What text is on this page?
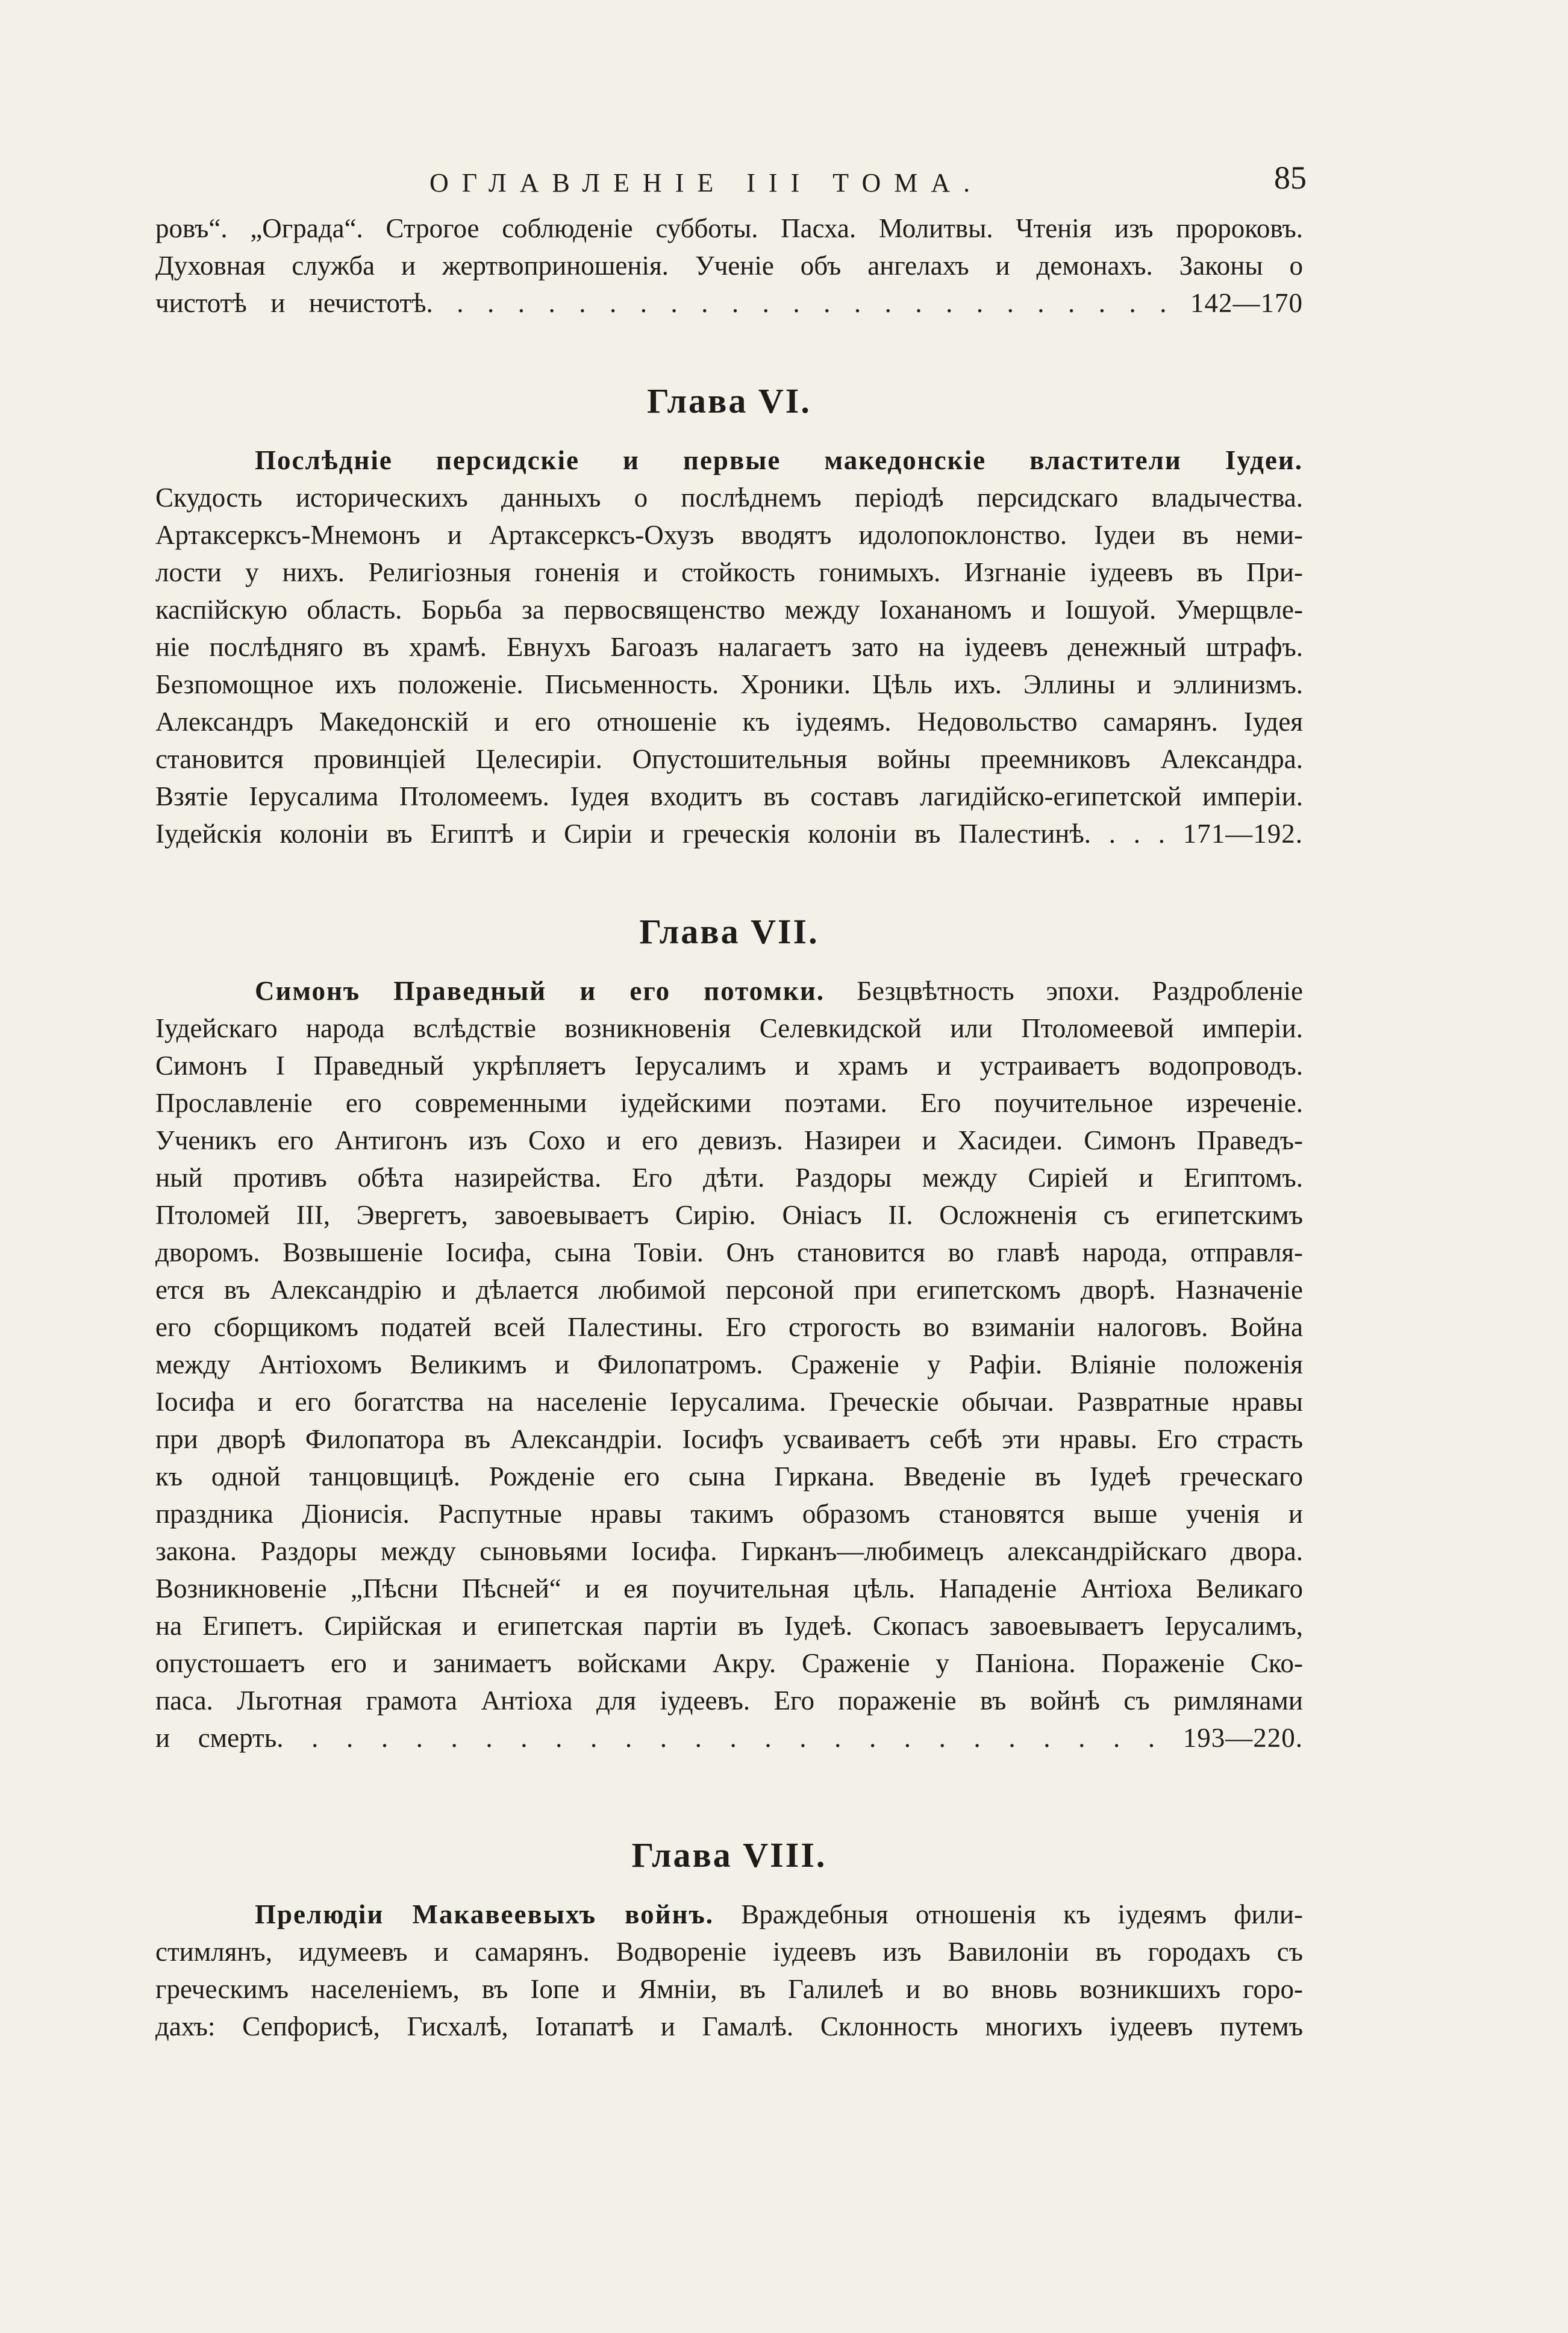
ОГЛАВЛЕНIЕ III ТОМА.	85
ровъ“. „Ограда“. Строгое соблюденіе субботы. Пасха. Молитвы. Чтенія изъ пророковъ.
Духовная служба и жертвоприношенія. Ученіе объ ангелахъ и демонахъ. Законы о
чистотѣ и нечистотѣ. . . . . . . . . . . . . . . . . . . . . . . . . 142—170
Глава VI.
Послѣдніе персидскіе и первые македонскіе властители Іудеи.
Скудость историческихъ данныхъ о послѣднемъ періодѣ персидскаго владычества.
Артаксерксъ-Мнемонъ и Артаксерксъ-Охузъ вводятъ идолопоклонство. Іудеи въ неми-
лости у нихъ. Религіозныя гоненія и стойкость гонимыхъ. Изгнаніе іудеевъ въ При-
каспійскую область. Борьба за первосвященство между Іохананомъ и Іошуой. Умерщвле-
ніе послѣдняго въ храмѣ. Евнухъ Багоазъ налагаетъ зато на іудеевъ денежный штрафъ.
Безпомощное ихъ положеніе. Письменность. Хроники. Цѣль ихъ. Эллины и эллинизмъ.
Александръ Македонскій и его отношеніе къ іудеямъ. Недовольство самарянъ. Іудея
становится провинціей Целесиріи. Опустошительныя войны преемниковъ Александра.
Взятіе Іерусалима Птоломеемъ. Іудея входитъ въ составъ лагидійско-египетской имперіи.
Іудейскія колоніи въ Египтѣ и Сиріи и греческія колоніи въ Палестинѣ. . . . 171—192.
Глава VII.
Симонъ Праведный и его потомки. Безцвѣтность эпохи. Раздробленіе
Іудейскаго народа вслѣдствіе возникновенія Селевкидской или Птоломеевой имперіи.
Симонъ I Праведный укрѣпляетъ Іерусалимъ и храмъ и устраиваетъ водопроводъ.
Прославленіе его современными іудейскими поэтами. Его поучительное изреченіе.
Ученикъ его Антигонъ изъ Сохо и его девизъ. Назиреи и Хасидеи. Симонъ Праведъ-
ный противъ обѣта назирейства. Его дѣти. Раздоры между Сиріей и Египтомъ.
Птоломей III, Эвергетъ, завоевываетъ Сирію. Оніасъ II. Осложненія съ египетскимъ
дворомъ. Возвышеніе Іосифа, сына Товіи. Онъ становится во главѣ народа, отправля-
ется въ Александрію и дѣлается любимой персоной при египетскомъ дворѣ. Назначеніе
его сборщикомъ податей всей Палестины. Его строгость во взиманіи налоговъ. Война
между Антіохомъ Великимъ и Филопатромъ. Сраженіе у Рафіи. Вліяніе положенія
Іосифа и его богатства на населеніе Іерусалима. Греческіе обычаи. Развратные нравы
при дворѣ Филопатора въ Александріи. Іосифъ усваиваетъ себѣ эти нравы. Его страсть
къ одной танцовщицѣ. Рожденіе его сына Гиркана. Введеніе въ Іудеѣ греческаго
праздника Діонисія. Распутные нравы такимъ образомъ становятся выше ученія и
закона. Раздоры между сыновьями Іосифа. Гирканъ—любимецъ александрійскаго двора.
Возникновеніе „Пѣсни Пѣсней“ и ея поучительная цѣль. Нападеніе Антіоха Великаго
на Египетъ. Сирійская и египетская партіи въ Іудеѣ. Скопасъ завоевываетъ Іерусалимъ,
опустошаетъ его и занимаетъ войсками Акру. Сраженіе у Паніона. Пораженіе Ско-
паса. Льготная грамота Антіоха для іудеевъ. Его пораженіе въ войнѣ съ римлянами
и смерть. . . . . . . . . . . . . . . . . . . . . . . . . . 193—220.
Глава VIII.
Прелюдіи Макавеевыхъ войнъ. Враждебныя отношенія къ іудеямъ фили-
стимлянъ, идумеевъ и самарянъ. Водвореніе іудеевъ изъ Вавилоніи въ городахъ съ
греческимъ населеніемъ, въ Іопе и Ямніи, въ Галилеѣ и во вновь возникшихъ горо-
дахъ: Сепфорисѣ, Гисхалѣ, Іотапатѣ и Гамалѣ. Склонность многихъ іудеевъ путемъ
